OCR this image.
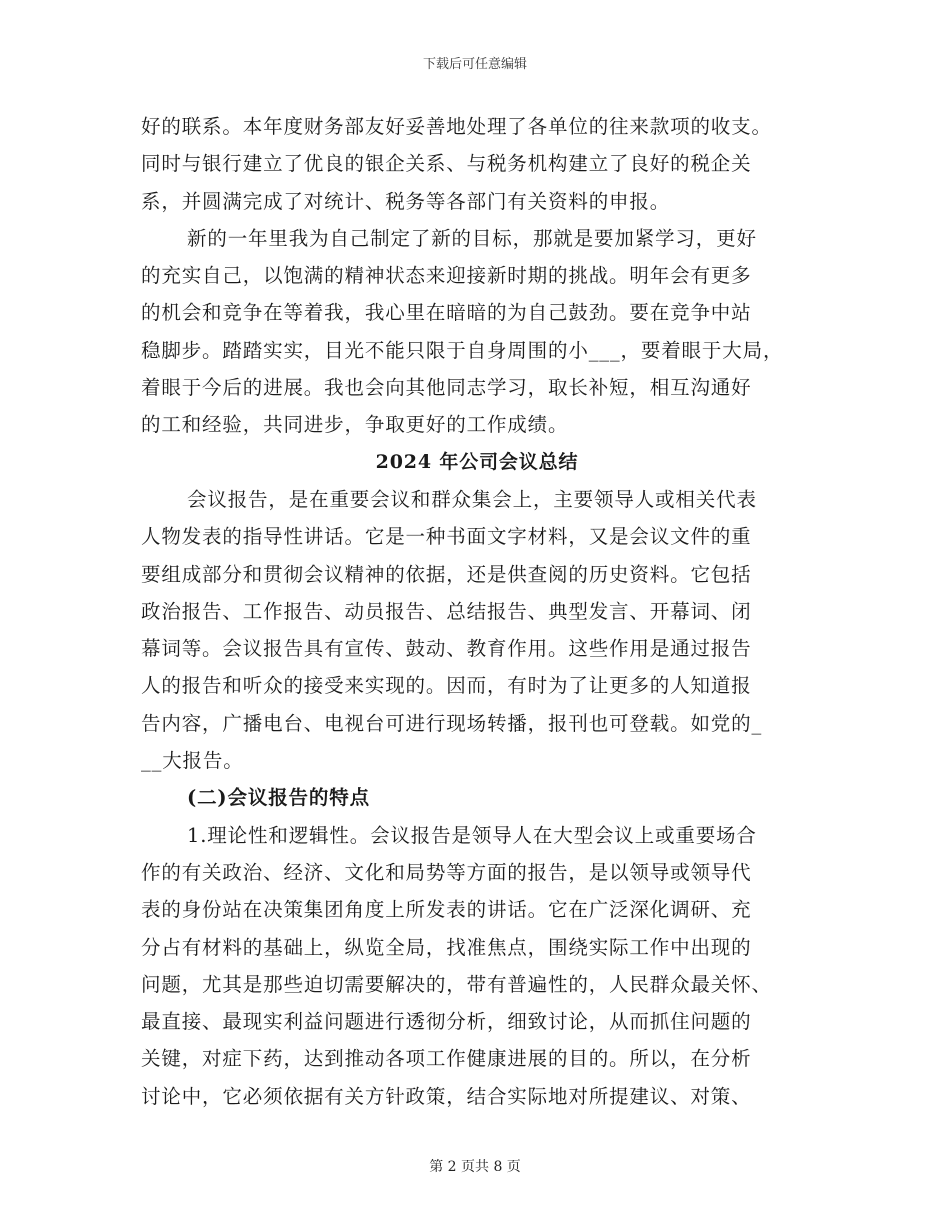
下载后可任意编辑
好的联系。本年度财务部友好妥善地处理了各单位的往来款项的收支。
同时与银行建立了优良的银企关系、与税务机构建立了良好的税企关
系，并圆满完成了对统计、税务等各部门有关资料的申报。
新的一年里我为自己制定了新的目标，那就是要加紧学习，更好
的充实自己，以饱满的精神状态来迎接新时期的挑战。明年会有更多
的机会和竞争在等着我，我心里在暗暗的为自己鼓劲。要在竞争中站
稳脚步。踏踏实实，目光不能只限于自身周围的小___，要着眼于大局，
着眼于今后的进展。我也会向其他同志学习，取长补短，相互沟通好
的工和经验，共同进步，争取更好的工作成绩。
2024 年公司会议总结
会议报告，是在重要会议和群众集会上，主要领导人或相关代表
人物发表的指导性讲话。它是一种书面文字材料，又是会议文件的重
要组成部分和贯彻会议精神的依据，还是供查阅的历史资料。它包括
政治报告、工作报告、动员报告、总结报告、典型发言、开幕词、闭
幕词等。会议报告具有宣传、鼓动、教育作用。这些作用是通过报告
人的报告和听众的接受来实现的。因而，有时为了让更多的人知道报
告内容，广播电台、电视台可进行现场转播，报刊也可登载。如党的_
__大报告。
(二)会议报告的特点
1.理论性和逻辑性。会议报告是领导人在大型会议上或重要场合
作的有关政治、经济、文化和局势等方面的报告，是以领导或领导代
表的身份站在决策集团角度上所发表的讲话。它在广泛深化调研、充
分占有材料的基础上，纵览全局，找准焦点，围绕实际工作中出现的
问题，尤其是那些迫切需要解决的，带有普遍性的，人民群众最关怀、
最直接、最现实利益问题进行透彻分析，细致讨论，从而抓住问题的
关键，对症下药，达到推动各项工作健康进展的目的。所以，在分析
讨论中，它必须依据有关方针政策，结合实际地对所提建议、对策、
第 2 页共 8 页
